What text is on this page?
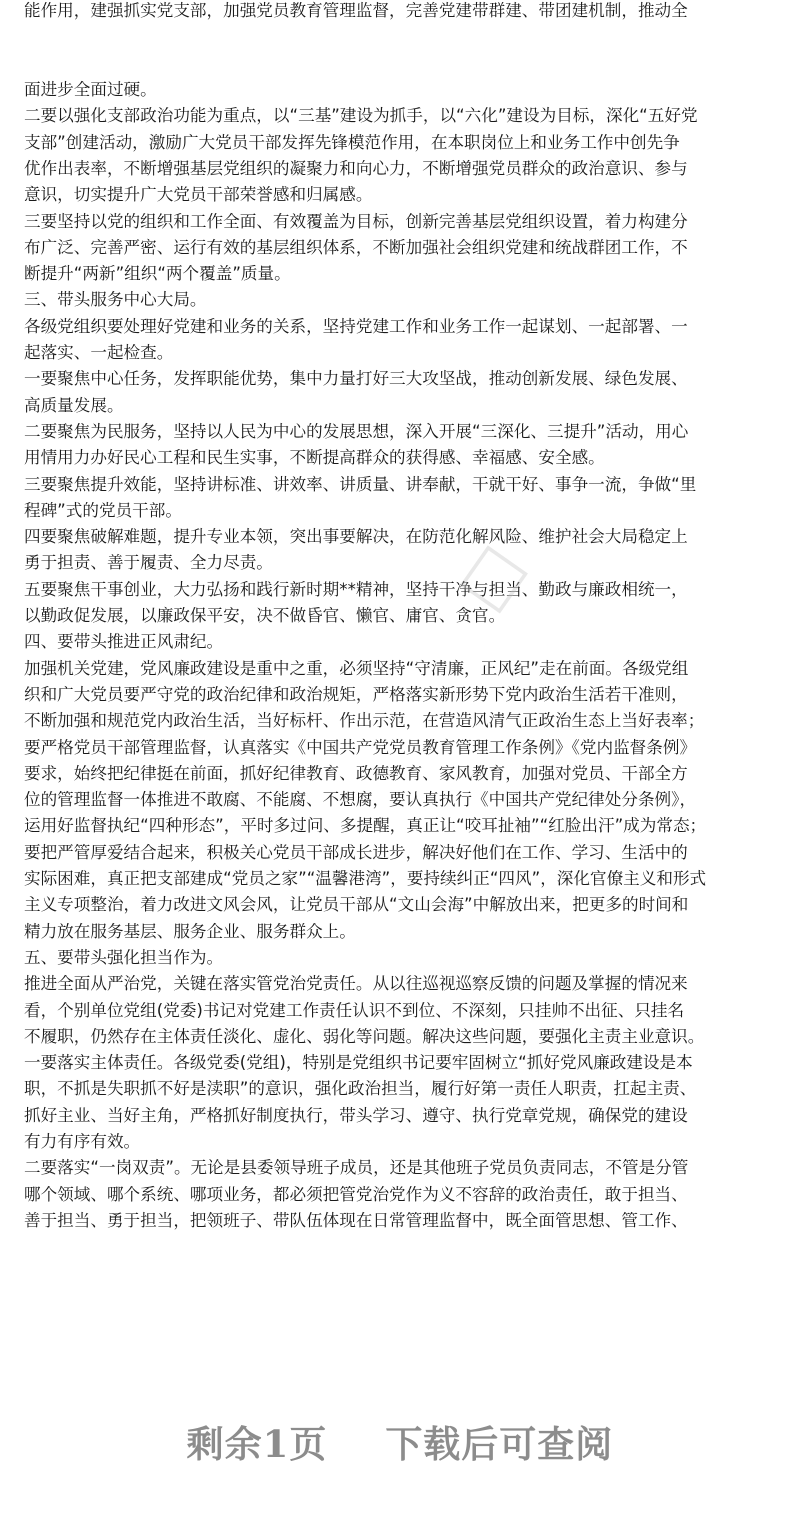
能作用，建强抓实党支部，加强党员教育管理监督，完善党建带群建、带团建机制，推动全
面进步全面过硬。
二要以强化支部政治功能为重点，以“三基”建设为抓手，以“六化”建设为目标，深化“五好党
支部”创建活动，激励广大党员干部发挥先锋模范作用，在本职岗位上和业务工作中创先争
优作出表率，不断增强基层党组织的凝聚力和向心力，不断增强党员群众的政治意识、参与
意识，切实提升广大党员干部荣誉感和归属感。
三要坚持以党的组织和工作全面、有效覆盖为目标，创新完善基层党组织设置，着力构建分
布广泛、完善严密、运行有效的基层组织体系，不断加强社会组织党建和统战群团工作，不
断提升“两新”组织“两个覆盖”质量。
三、带头服务中心大局。
各级党组织要处理好党建和业务的关系，坚持党建工作和业务工作一起谋划、一起部署、一
起落实、一起检查。
一要聚焦中心任务，发挥职能优势，集中力量打好三大攻坚战，推动创新发展、绿色发展、
高质量发展。
二要聚焦为民服务，坚持以人民为中心的发展思想，深入开展“三深化、三提升”活动，用心
用情用力办好民心工程和民生实事，不断提高群众的获得感、幸福感、安全感。
三要聚焦提升效能，坚持讲标准、讲效率、讲质量、讲奉献，干就干好、事争一流，争做“里
程碑”式的党员干部。
四要聚焦破解难题，提升专业本领，突出事要解决，在防范化解风险、维护社会大局稳定上
勇于担责、善于履责、全力尽责。
五要聚焦干事创业，大力弘扬和践行新时期**精神，坚持干净与担当、勤政与廉政相统一，
以勤政促发展，以廉政保平安，决不做昏官、懒官、庸官、贪官。
四、要带头推进正风肃纪。
加强机关党建，党风廉政建设是重中之重，必须坚持“守清廉，正风纪”走在前面。各级党组
织和广大党员要严守党的政治纪律和政治规矩，严格落实新形势下党内政治生活若干准则，
不断加强和规范党内政治生活，当好标杆、作出示范，在营造风清气正政治生态上当好表率；
要严格党员干部管理监督，认真落实《中国共产党党员教育管理工作条例》《党内监督条例》
要求，始终把纪律挺在前面，抓好纪律教育、政德教育、家风教育，加强对党员、干部全方
位的管理监督一体推进不敢腐、不能腐、不想腐，要认真执行《中国共产党纪律处分条例》，
运用好监督执纪“四种形态”，平时多过问、多提醒，真正让“咬耳扯袖”“红脸出汗”成为常态；
要把严管厚爱结合起来，积极关心党员干部成长进步，解决好他们在工作、学习、生活中的
实际困难，真正把支部建成“党员之家”“温馨港湾”，要持续纠正“四风”，深化官僚主义和形式
主义专项整治，着力改进文风会风，让党员干部从“文山会海”中解放出来，把更多的时间和
精力放在服务基层、服务企业、服务群众上。
五、要带头强化担当作为。
推进全面从严治党，关键在落实管党治党责任。从以往巡视巡察反馈的问题及掌握的情况来
看，个别单位党组(党委)书记对党建工作责任认识不到位、不深刻，只挂帅不出征、只挂名
不履职，仍然存在主体责任淡化、虚化、弱化等问题。解决这些问题，要强化主责主业意识。
一要落实主体责任。各级党委(党组)，特别是党组织书记要牢固树立“抓好党风廉政建设是本
职，不抓是失职抓不好是渎职”的意识，强化政治担当，履行好第一责任人职责，扛起主责、
抓好主业、当好主角，严格抓好制度执行，带头学习、遵守、执行党章党规，确保党的建设
有力有序有效。
二要落实“一岗双责”。无论是县委领导班子成员，还是其他班子党员负责同志，不管是分管
哪个领域、哪个系统、哪项业务，都必须把管党治党作为义不容辞的政治责任，敢于担当、
善于担当、勇于担当，把领班子、带队伍体现在日常管理监督中，既全面管思想、管工作、
□
剩余1页 下载后可查阅
